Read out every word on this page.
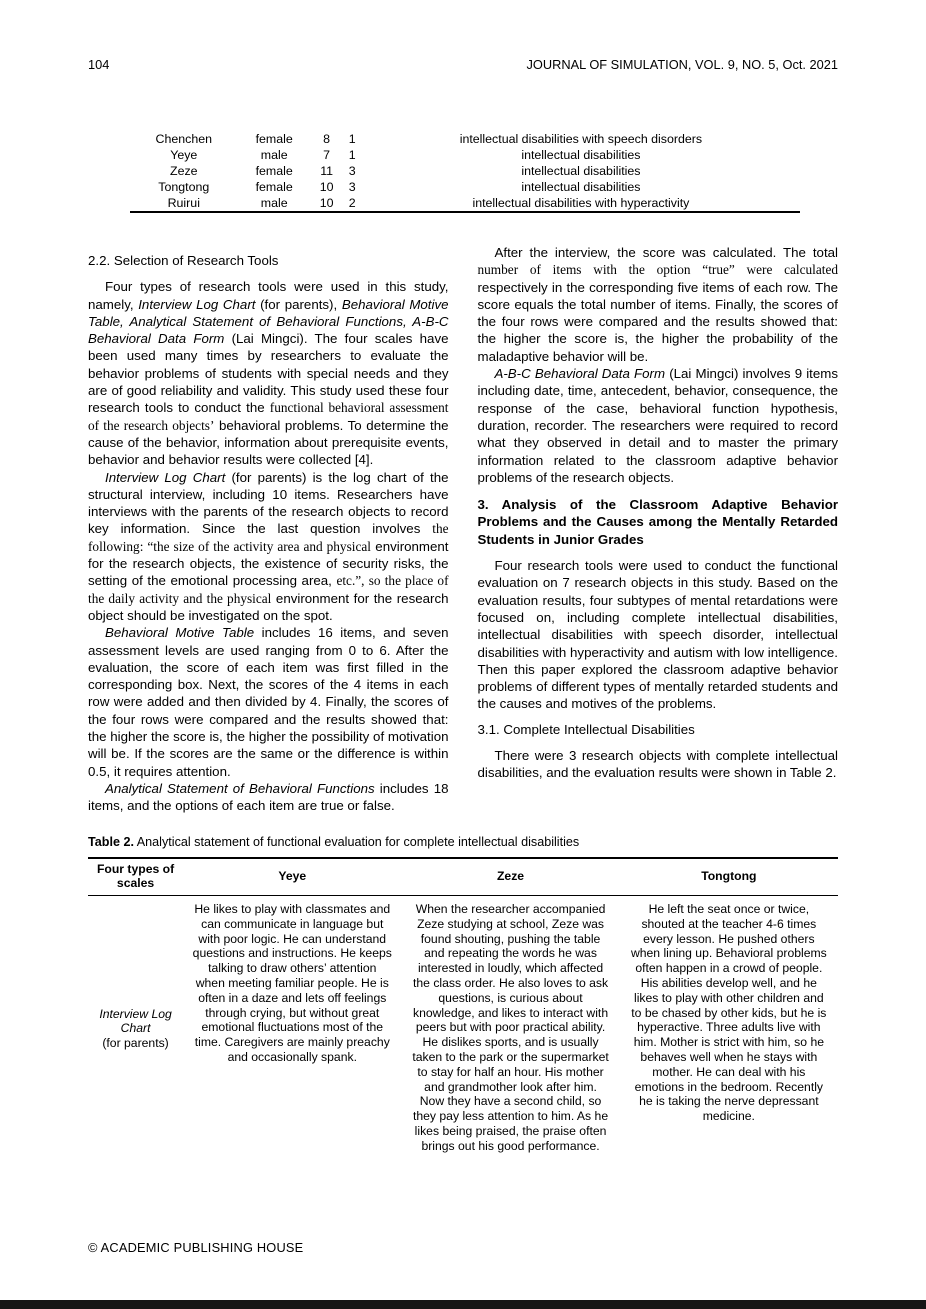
104	JOURNAL OF SIMULATION, VOL. 9, NO. 5, Oct. 2021
Chenchen	female	8	1	intellectual disabilities with speech disorders
Yeye	male	7	1	intellectual disabilities
Zeze	female	11	3	intellectual disabilities
Tongtong	female	10	3	intellectual disabilities
Ruirui	male	10	2	intellectual disabilities with hyperactivity

2.2. Selection of Research Tools

Four types of research tools were used in this study, namely, Interview Log Chart (for parents), Behavioral Motive Table, Analytical Statement of Behavioral Functions, A-B-C Behavioral Data Form (Lai Mingci). The four scales have been used many times by researchers to evaluate the behavior problems of students with special needs and they are of good reliability and validity. This study used these four research tools to conduct the functional behavioral assessment of the research objects’ behavioral problems. To determine the cause of the behavior, information about prerequisite events, behavior and behavior results were collected [4].

Interview Log Chart (for parents) is the log chart of the structural interview, including 10 items. Researchers have interviews with the parents of the research objects to record key information. Since the last question involves the following: “the size of the activity area and physical environment for the research objects, the existence of security risks, the setting of the emotional processing area, etc.”, so the place of the daily activity and the physical environment for the research object should be investigated on the spot.

Behavioral Motive Table includes 16 items, and seven assessment levels are used ranging from 0 to 6. After the evaluation, the score of each item was first filled in the corresponding box. Next, the scores of the 4 items in each row were added and then divided by 4. Finally, the scores of the four rows were compared and the results showed that: the higher the score is, the higher the possibility of motivation will be. If the scores are the same or the difference is within 0.5, it requires attention.

Analytical Statement of Behavioral Functions includes 18 items, and the options of each item are true or false.

After the interview, the score was calculated. The total number of items with the option “true” were calculated respectively in the corresponding five items of each row. The score equals the total number of items. Finally, the scores of the four rows were compared and the results showed that: the higher the score is, the higher the probability of the maladaptive behavior will be.

A-B-C Behavioral Data Form (Lai Mingci) involves 9 items including date, time, antecedent, behavior, consequence, the response of the case, behavioral function hypothesis, duration, recorder. The researchers were required to record what they observed in detail and to master the primary information related to the classroom adaptive behavior problems of the research objects.

3. Analysis of the Classroom Adaptive Behavior Problems and the Causes among the Mentally Retarded Students in Junior Grades

Four research tools were used to conduct the functional evaluation on 7 research objects in this study. Based on the evaluation results, four subtypes of mental retardations were focused on, including complete intellectual disabilities, intellectual disabilities with speech disorder, intellectual disabilities with hyperactivity and autism with low intelligence. Then this paper explored the classroom adaptive behavior problems of different types of mentally retarded students and the causes and motives of the problems.

3.1. Complete Intellectual Disabilities

There were 3 research objects with complete intellectual disabilities, and the evaluation results were shown in Table 2.

Table 2. Analytical statement of functional evaluation for complete intellectual disabilities

Four types of scales	Yeye	Zeze	Tongtong
Interview Log Chart
(for parents)	He likes to play with classmates and can communicate in language but with poor logic. He can understand questions and instructions. He keeps talking to draw others’ attention when meeting familiar people. He is often in a daze and lets off feelings through crying, but without great emotional fluctuations most of the time. Caregivers are mainly preachy and occasionally spank.	When the researcher accompanied Zeze studying at school, Zeze was found shouting, pushing the table and repeating the words he was interested in loudly, which affected the class order. He also loves to ask questions, is curious about knowledge, and likes to interact with peers but with poor practical ability. He dislikes sports, and is usually taken to the park or the supermarket to stay for half an hour. His mother and grandmother look after him. Now they have a second child, so they pay less attention to him. As he likes being praised, the praise often brings out his good performance.	He left the seat once or twice, shouted at the teacher 4-6 times every lesson. He pushed others when lining up. Behavioral problems often happen in a crowd of people. His abilities develop well, and he likes to play with other children and to be chased by other kids, but he is hyperactive. Three adults live with him. Mother is strict with him, so he behaves well when he stays with mother. He can deal with his emotions in the bedroom. Recently he is taking the nerve depressant medicine.
© ACADEMIC PUBLISHING HOUSE
